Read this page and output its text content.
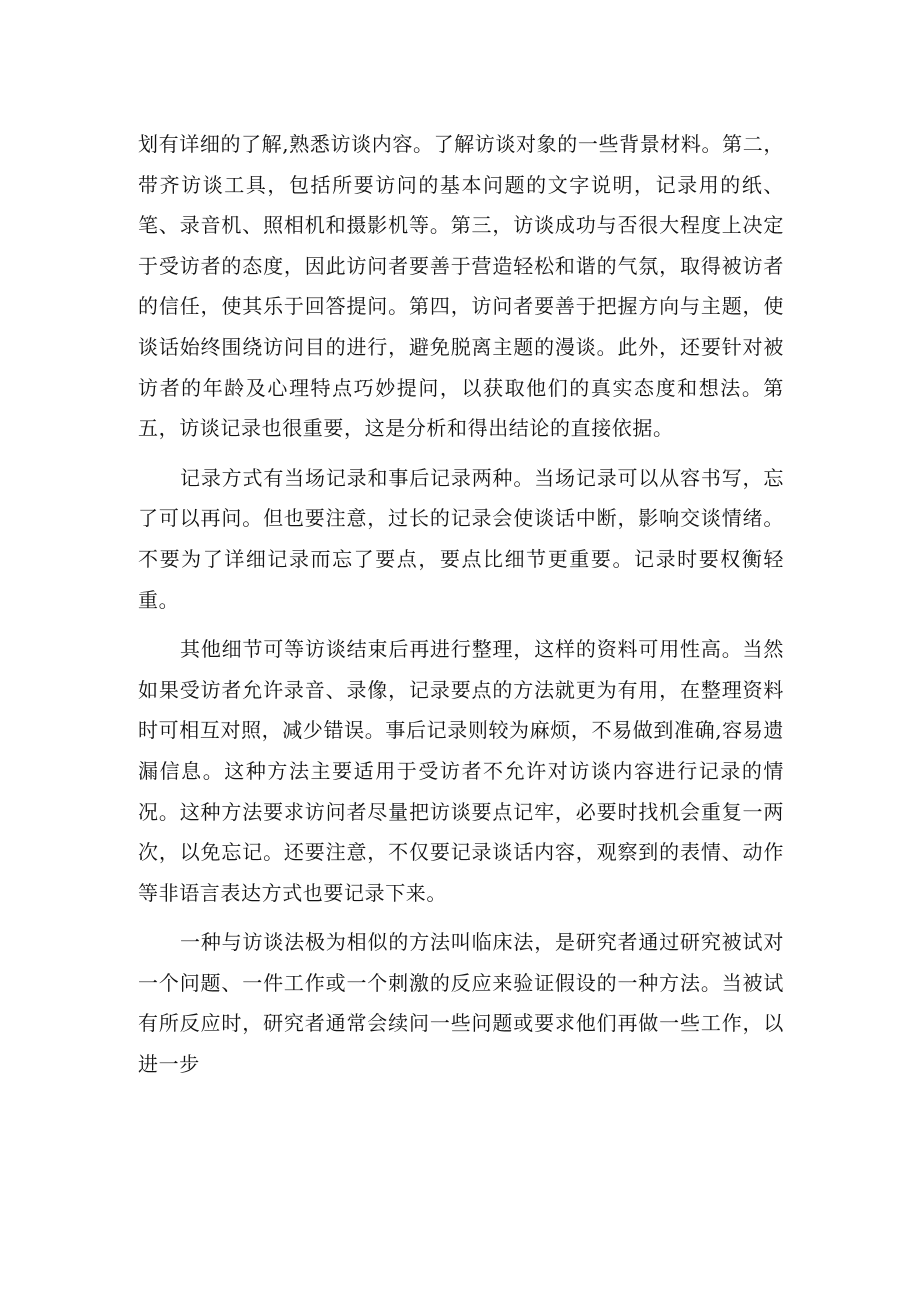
划有详细的了解,熟悉访谈内容。了解访谈对象的一些背景材料。第二，带齐访谈工具，包括所要访问的基本问题的文字说明，记录用的纸、笔、录音机、照相机和摄影机等。第三，访谈成功与否很大程度上决定于受访者的态度，因此访问者要善于营造轻松和谐的气氛，取得被访者的信任，使其乐于回答提问。第四，访问者要善于把握方向与主题，使谈话始终围绕访问目的进行，避免脱离主题的漫谈。此外，还要针对被访者的年龄及心理特点巧妙提问，以获取他们的真实态度和想法。第五，访谈记录也很重要，这是分析和得出结论的直接依据。

记录方式有当场记录和事后记录两种。当场记录可以从容书写，忘了可以再问。但也要注意，过长的记录会使谈话中断，影响交谈情绪。不要为了详细记录而忘了要点，要点比细节更重要。记录时要权衡轻重。

其他细节可等访谈结束后再进行整理，这样的资料可用性高。当然如果受访者允许录音、录像，记录要点的方法就更为有用，在整理资料时可相互对照，减少错误。事后记录则较为麻烦，不易做到准确,容易遗漏信息。这种方法主要适用于受访者不允许对访谈内容进行记录的情况。这种方法要求访问者尽量把访谈要点记牢，必要时找机会重复一两次，以免忘记。还要注意，不仅要记录谈话内容，观察到的表情、动作等非语言表达方式也要记录下来。

一种与访谈法极为相似的方法叫临床法，是研究者通过研究被试对一个问题、一件工作或一个刺激的反应来验证假设的一种方法。当被试有所反应时，研究者通常会续问一些问题或要求他们再做一些工作，以进一步
